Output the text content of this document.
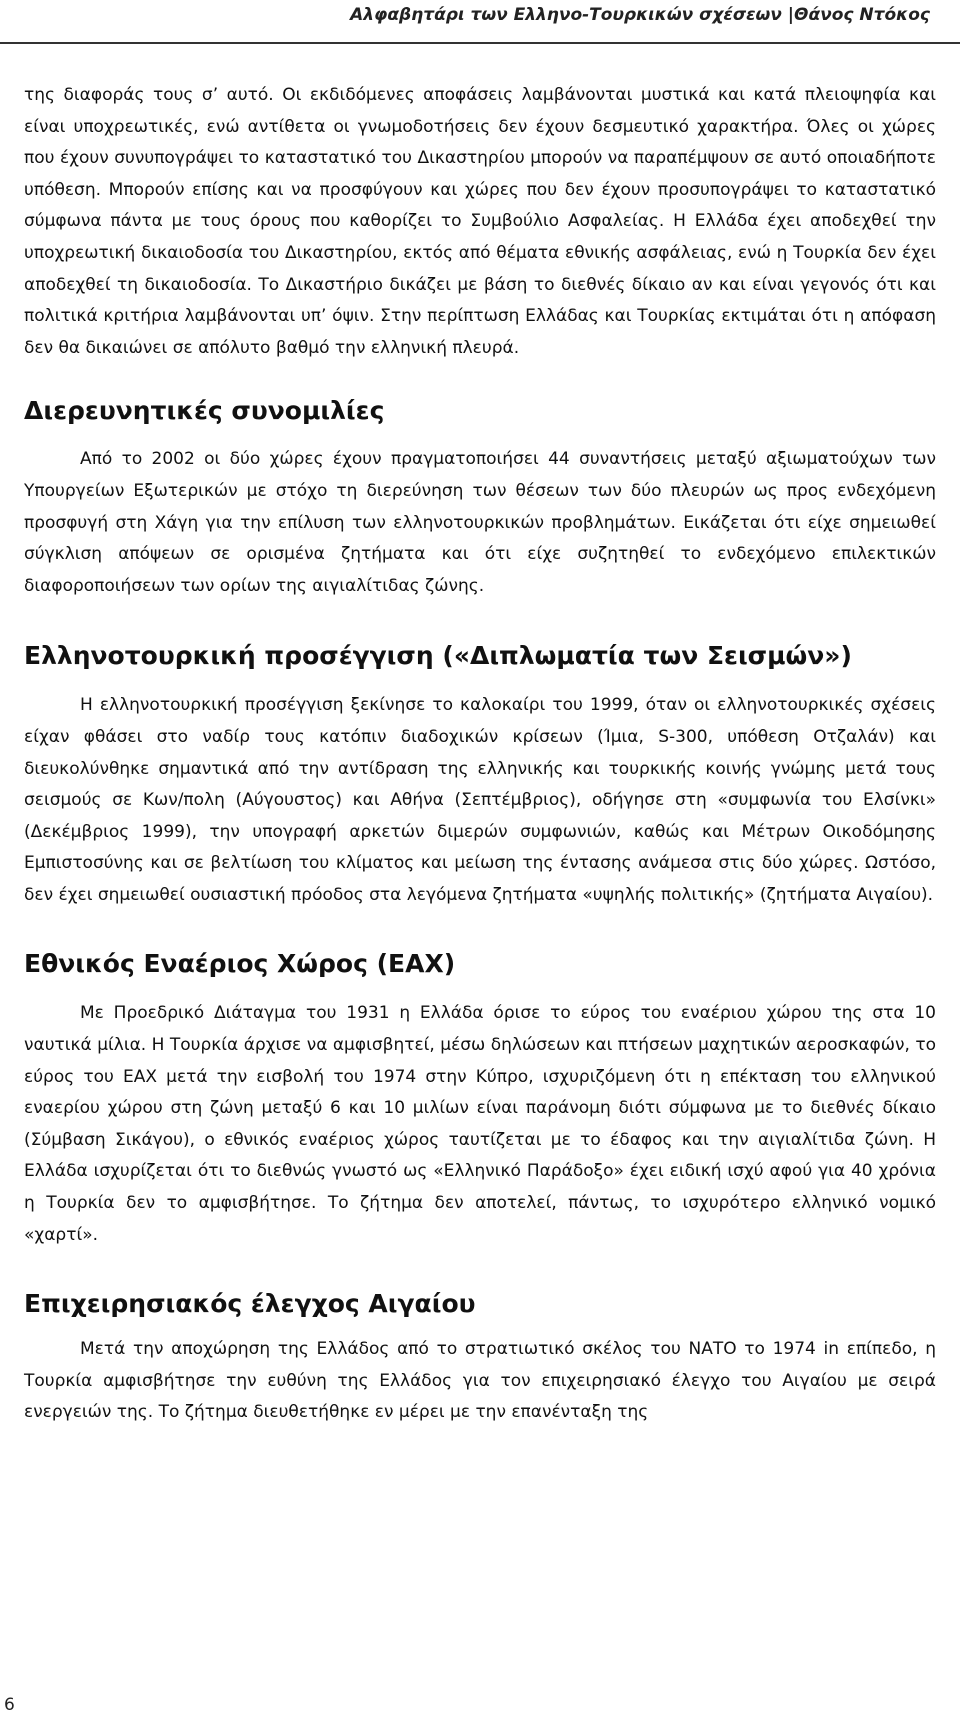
Αλφαβητάρι των Ελληνο-Τουρκικών σχέσεων |Θάνος Ντόκος

της διαφοράς τους σ’ αυτό. Οι εκδιδόμενες αποφάσεις λαμβάνονται μυστικά και κατά πλειοψηφία και είναι υποχρεωτικές, ενώ αντίθετα οι γνωμοδοτήσεις δεν έχουν δεσμευτικό χαρακτήρα. Όλες οι χώρες που έχουν συνυπογράψει το καταστατικό του Δικαστηρίου μπορούν να παραπέμψουν σε αυτό οποιαδήποτε υπόθεση. Μπορούν επίσης και να προσφύγουν και χώρες που δεν έχουν προσυπογράψει το καταστατικό σύμφωνα πάντα με τους όρους που καθορίζει το Συμβούλιο Ασφαλείας. Η Ελλάδα έχει αποδεχθεί την υποχρεωτική δικαιοδοσία του Δικαστηρίου, εκτός από θέματα εθνικής ασφάλειας, ενώ η Τουρκία δεν έχει αποδεχθεί τη δικαιοδοσία. Το Δικαστήριο δικάζει με βάση το διεθνές δίκαιο αν και είναι γεγονός ότι και πολιτικά κριτήρια λαμβάνονται υπ’ όψιν. Στην περίπτωση Ελλάδας και Τουρκίας εκτιμάται ότι η απόφαση δεν θα δικαιώνει σε απόλυτο βαθμό την ελληνική πλευρά.

Διερευνητικές συνομιλίες

Από το 2002 οι δύο χώρες έχουν πραγματοποιήσει 44 συναντήσεις μεταξύ αξιωματούχων των Υπουργείων Εξωτερικών με στόχο τη διερεύνηση των θέσεων των δύο πλευρών ως προς ενδεχόμενη προσφυγή στη Χάγη για την επίλυση των ελληνοτουρκικών προβλημάτων. Εικάζεται ότι είχε σημειωθεί σύγκλιση απόψεων σε ορισμένα ζητήματα και ότι είχε συζητηθεί το ενδεχόμενο επιλεκτικών διαφοροποιήσεων των ορίων της αιγιαλίτιδας ζώνης.

Ελληνοτουρκική προσέγγιση («Διπλωματία των Σεισμών»)

Η ελληνοτουρκική προσέγγιση ξεκίνησε το καλοκαίρι του 1999, όταν οι ελληνοτουρκικές σχέσεις είχαν φθάσει στο ναδίρ τους κατόπιν διαδοχικών κρίσεων (Ίμια, S-300, υπόθεση Οτζαλάν) και διευκολύνθηκε σημαντικά από την αντίδραση της ελληνικής και τουρκικής κοινής γνώμης μετά τους σεισμούς σε Κων/πολη (Αύγουστος) και Αθήνα (Σεπτέμβριος), οδήγησε στη «συμφωνία του Ελσίνκι» (Δεκέμβριος 1999), την υπογραφή αρκετών διμερών συμφωνιών, καθώς και Μέτρων Οικοδόμησης Εμπιστοσύνης και σε βελτίωση του κλίματος και μείωση της έντασης ανάμεσα στις δύο χώρες. Ωστόσο, δεν έχει σημειωθεί ουσιαστική πρόοδος στα λεγόμενα ζητήματα «υψηλής πολιτικής» (ζητήματα Αιγαίου).

Εθνικός Εναέριος Χώρος (ΕΑΧ)

Με Προεδρικό Διάταγμα του 1931 η Ελλάδα όρισε το εύρος του εναέριου χώρου της στα 10 ναυτικά μίλια. Η Τουρκία άρχισε να αμφισβητεί, μέσω δηλώσεων και πτήσεων μαχητικών αεροσκαφών, το εύρος του ΕΑΧ μετά την εισβολή του 1974 στην Κύπρο, ισχυριζόμενη ότι η επέκταση του ελληνικού εναερίου χώρου στη ζώνη μεταξύ 6 και 10 μιλίων είναι παράνομη διότι σύμφωνα με το διεθνές δίκαιο (Σύμβαση Σικάγου), ο εθνικός εναέριος χώρος ταυτίζεται με το έδαφος και την αιγιαλίτιδα ζώνη. Η Ελλάδα ισχυρίζεται ότι το διεθνώς γνωστό ως «Ελληνικό Παράδοξο» έχει ειδική ισχύ αφού για 40 χρόνια η Τουρκία δεν το αμφισβήτησε. Το ζήτημα δεν αποτελεί, πάντως, το ισχυρότερο ελληνικό νομικό «χαρτί».

Επιχειρησιακός έλεγχος Αιγαίου

Μετά την αποχώρηση της Ελλάδος από το στρατιωτικό σκέλος του ΝΑΤΟ το 1974 in επίπεδο, η Τουρκία αμφισβήτησε την ευθύνη της Ελλάδος για τον επιχειρησιακό έλεγχο του Αιγαίου με σειρά ενεργειών της. Το ζήτημα διευθετήθηκε εν μέρει με την επανένταξη της

6
